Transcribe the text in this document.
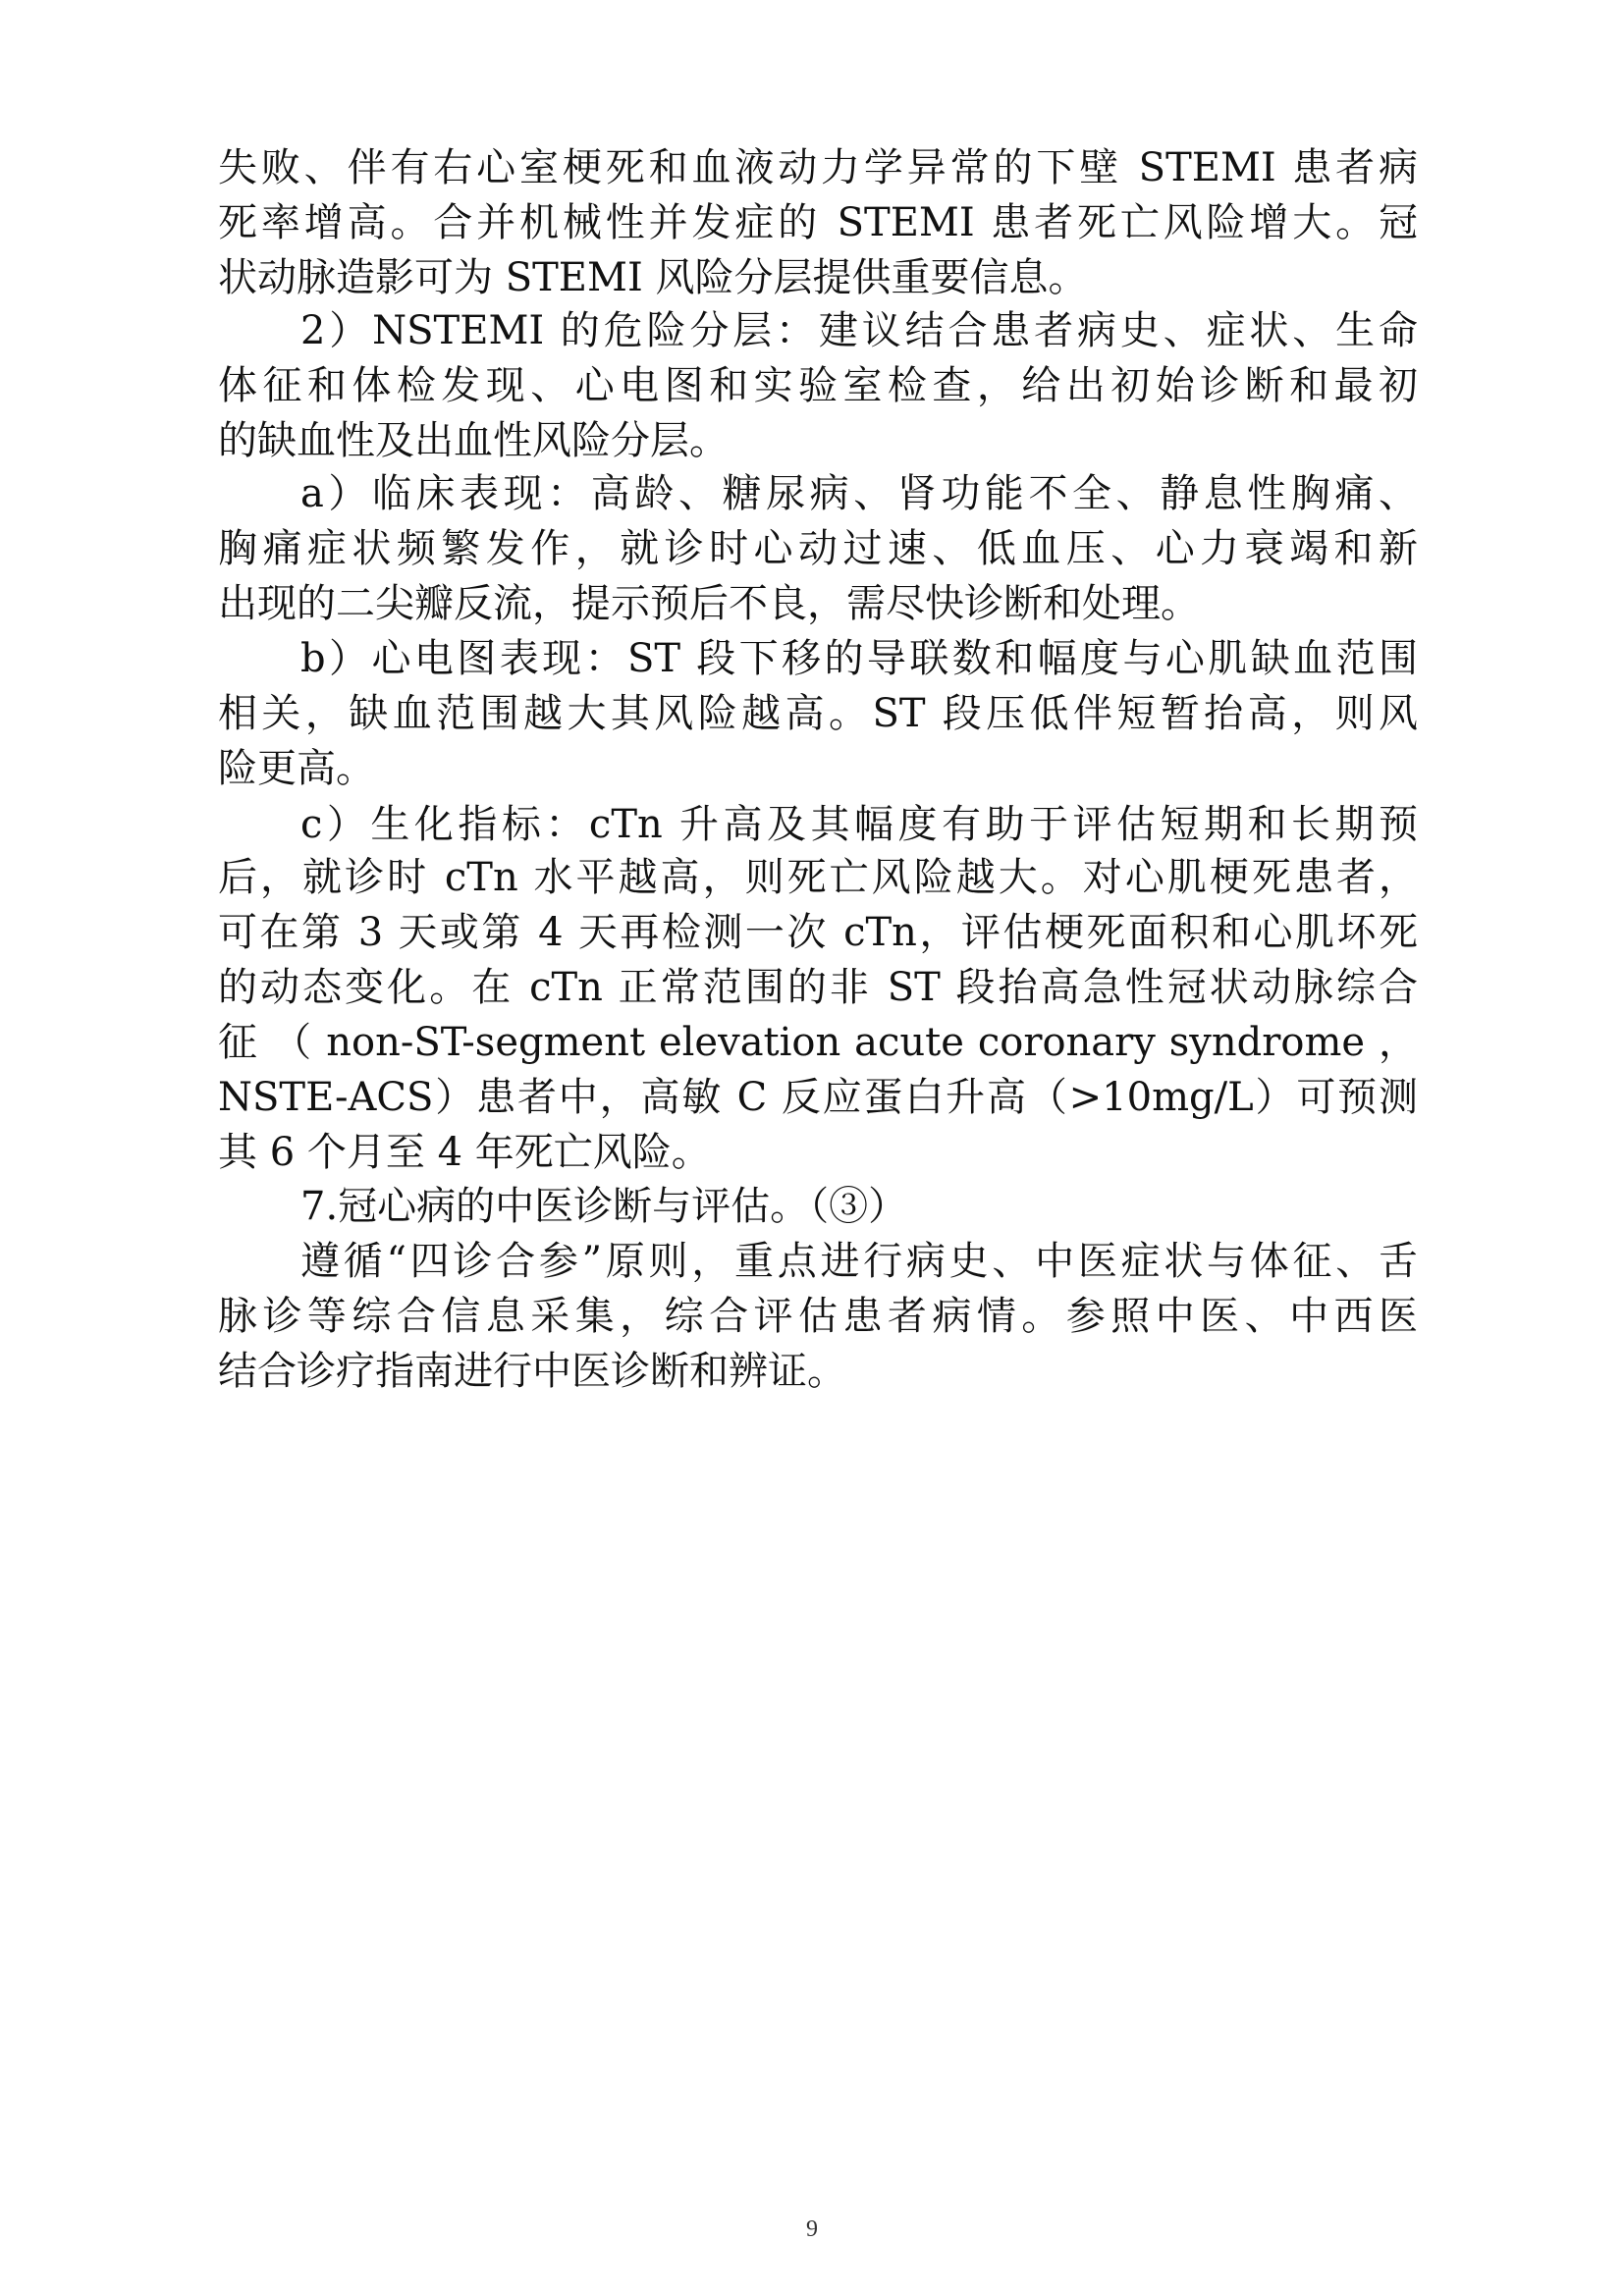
失败、伴有右心室梗死和血液动力学异常的下壁 STEMI 患者病
死率增高。合并机械性并发症的 STEMI 患者死亡风险增大。冠
状动脉造影可为 STEMI 风险分层提供重要信息。
2）NSTEMI 的危险分层：建议结合患者病史、症状、生命
体征和体检发现、心电图和实验室检查，给出初始诊断和最初
的缺血性及出血性风险分层。
a）临床表现：高龄、糖尿病、肾功能不全、静息性胸痛、
胸痛症状频繁发作，就诊时心动过速、低血压、心力衰竭和新
出现的二尖瓣反流，提示预后不良，需尽快诊断和处理。
b）心电图表现：ST 段下移的导联数和幅度与心肌缺血范围
相关，缺血范围越大其风险越高。ST 段压低伴短暂抬高，则风
险更高。
c）生化指标：cTn 升高及其幅度有助于评估短期和长期预
后，就诊时 cTn 水平越高，则死亡风险越大。对心肌梗死患者，
可在第 3 天或第 4 天再检测一次 cTn，评估梗死面积和心肌坏死
的动态变化。在 cTn 正常范围的非 ST 段抬高急性冠状动脉综合
征 （ non-ST-segment elevation acute coronary syndrome ，
NSTE-ACS）患者中，高敏 C 反应蛋白升高（>10mg/L）可预测
其 6 个月至 4 年死亡风险。
7.冠心病的中医诊断与评估。（③）
遵循“四诊合参”原则，重点进行病史、中医症状与体征、舌
脉诊等综合信息采集，综合评估患者病情。参照中医、中西医
结合诊疗指南进行中医诊断和辨证。
9
